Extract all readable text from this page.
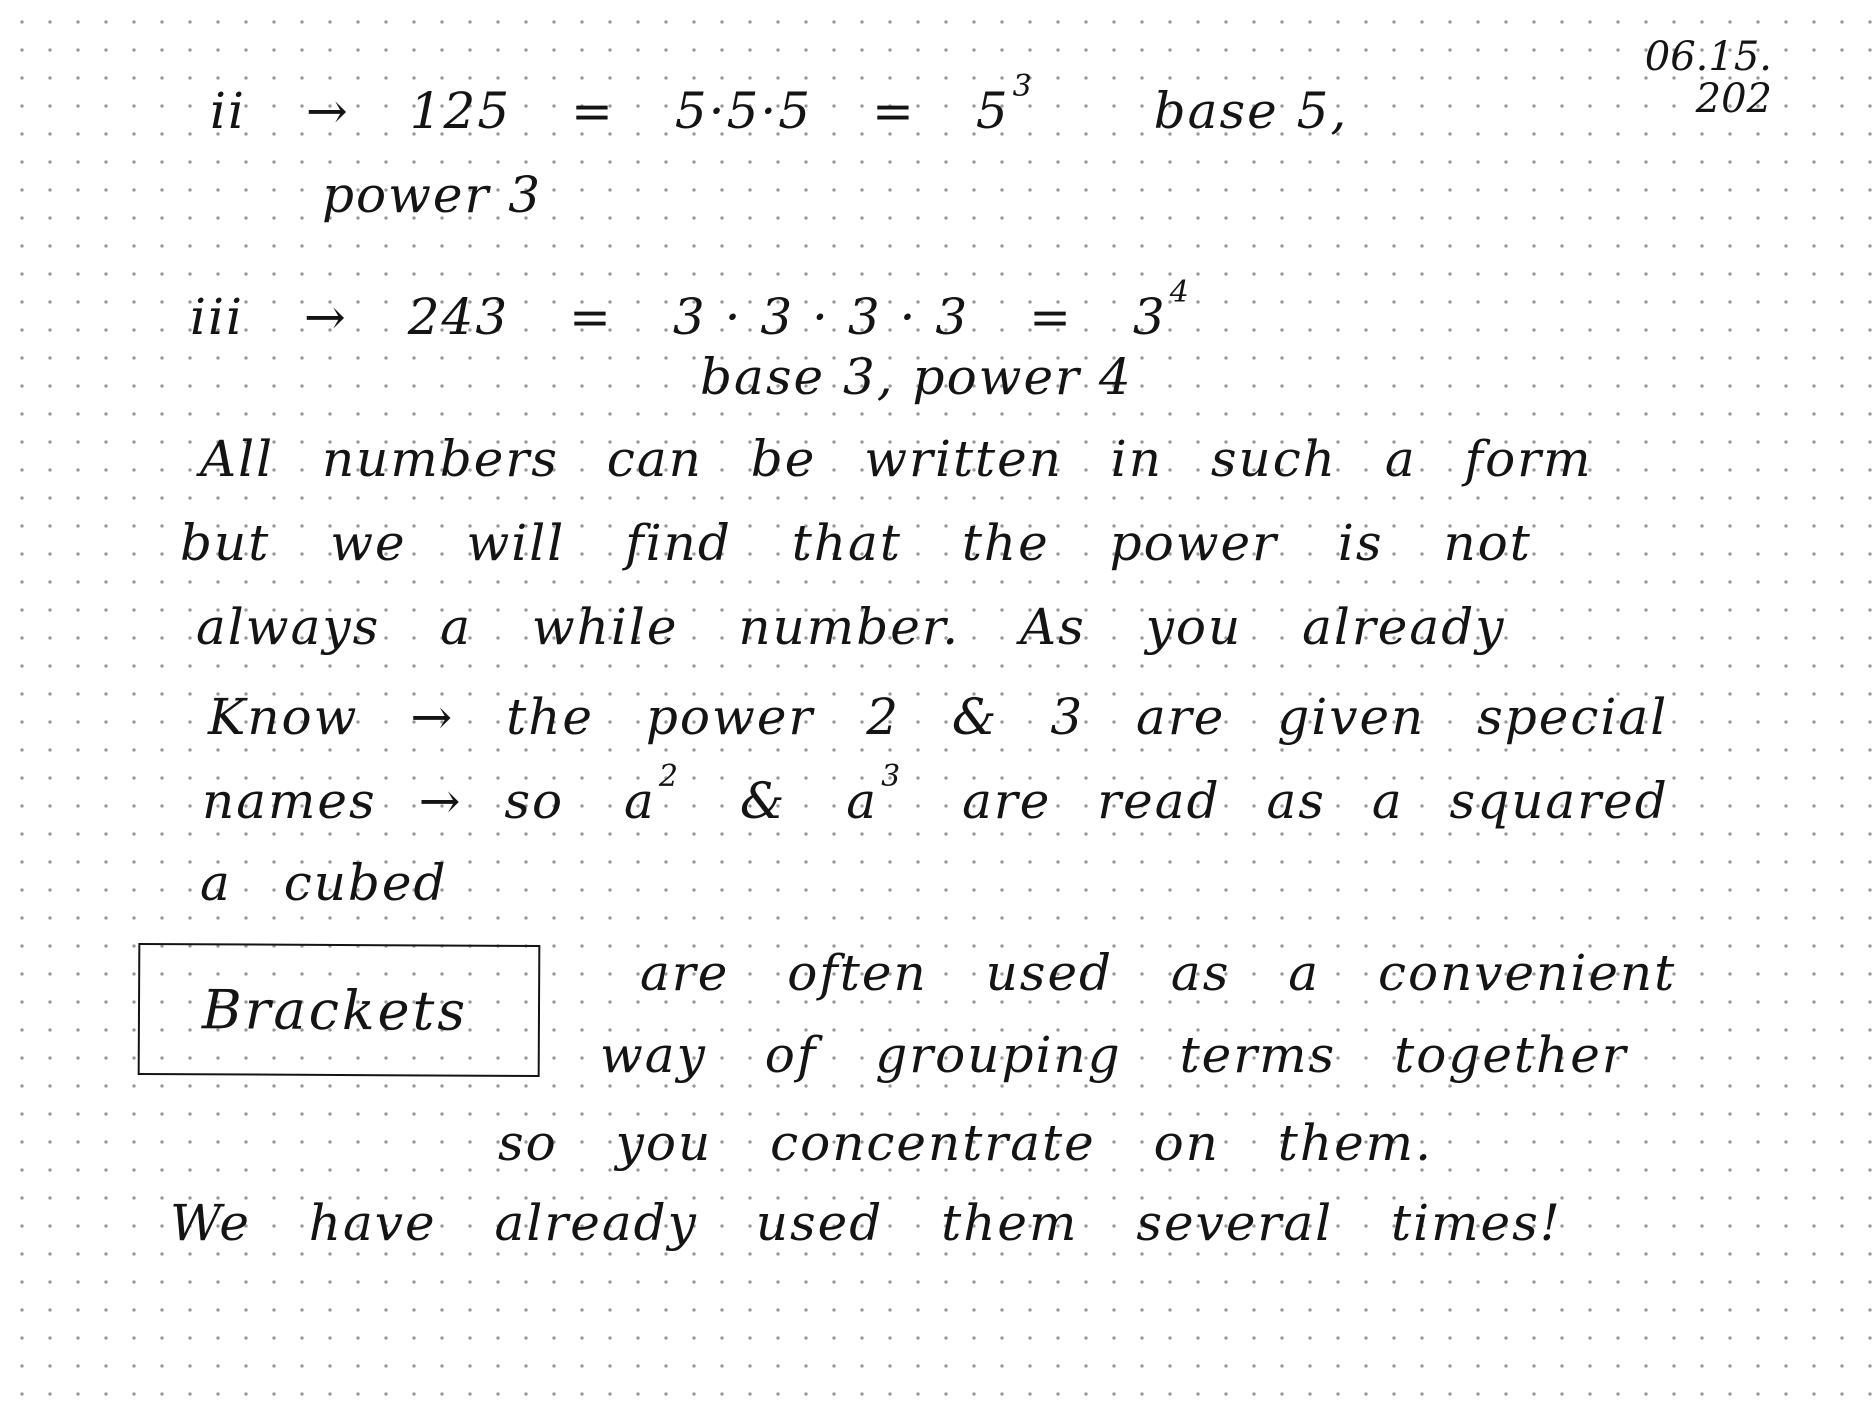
06.15.
202
ii → 125 = 5·5·5 = 5 $^3$ base 5,
power 3
iii → 243 = 3 · 3 · 3 · 3 = 3 $^4$
base 3, power 4
All numbers can be written in such a form
but we will find that the power is not
always a while number. As you already
Know → the power 2 & 3 are given special
names → so a $^2$ & a $^3$ are read as a squared
a cubed
Brackets
are often used as a convenient
way of grouping terms together
so you concentrate on them.
We have already used them several times!
